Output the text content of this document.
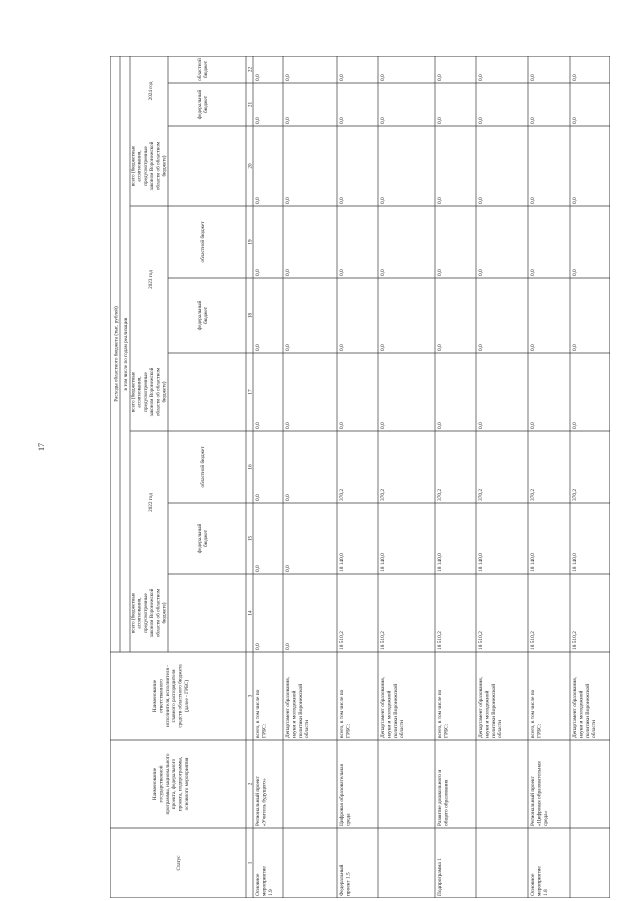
17
Статус
Наименованиегосударственнойпрограммы, национальногопроекта, федеральногопроекта, подпрограммы,основного мероприятия
Наименованиеответственногоисполнителя, исполнителя -главного распорядителясредств областного бюджета(далее - ГРБС)
Расходы областного бюджета (тыс. рублей) в том числе по годам реализации
2022 год
2023 год
2024 год
всего (бюджетныеассигнования,предусмотренныезаконом Воронежскойобласти об областномбюджете)
всего (бюджетныеассигнования,предусмотренныезаконом Воронежскойобласти об областномбюджете)
всего (бюджетныеассигнования,предусмотренныезаконом Воронежскойобласти об областномбюджете)
федеральныйбюджет
федеральныйбюджет
федеральныйбюджет
областной бюджет
областной бюджет
областнойбюджет
1
2
3
14
15
16
17
18
19
20
21
22
Основноемероприятие1.9
Региональный проект«Учитель будущего»
всего, в том числе поГРБС:
0,0
0,0
0,0
0,0
0,0
0,0
0,0
0,0
0,0
Департамент образования,науки и молодежнойполитики Воронежскойобласти
0,0
0,0
0,0
0,0
0,0
0,0
0,0
0,0
0,0
Федеральныйпроект 1.5
Цифровая образовательнаясреда
всего, в том числе поГРБС:
18 510,2
18 140,0
370,2
0,0
0,0
0,0
0,0
0,0
0,0
Департамент образования,науки и молодежнойполитики Воронежскойобласти
18 510,2
18 140,0
370,2
0,0
0,0
0,0
0,0
0,0
0,0
Подпрограмма 1
Развитие дошкольного иобщего образования
всего, в том числе поГРБС:
18 510,2
18 140,0
370,2
0,0
0,0
0,0
0,0
0,0
0,0
Департамент образования,науки и молодежнойполитики Воронежскойобласти
18 510,2
18 140,0
370,2
0,0
0,0
0,0
0,0
0,0
0,0
Основноемероприятие1.8
Региональный проект«Цифровая образовательнаясреда»
всего, в том числе поГРБС:
18 510,2
18 140,0
370,2
0,0
0,0
0,0
0,0
0,0
0,0
Департамент образования,науки и молодежнойполитики Воронежскойобласти
18 510,2
18 140,0
370,2
0,0
0,0
0,0
0,0
0,0
0,0
